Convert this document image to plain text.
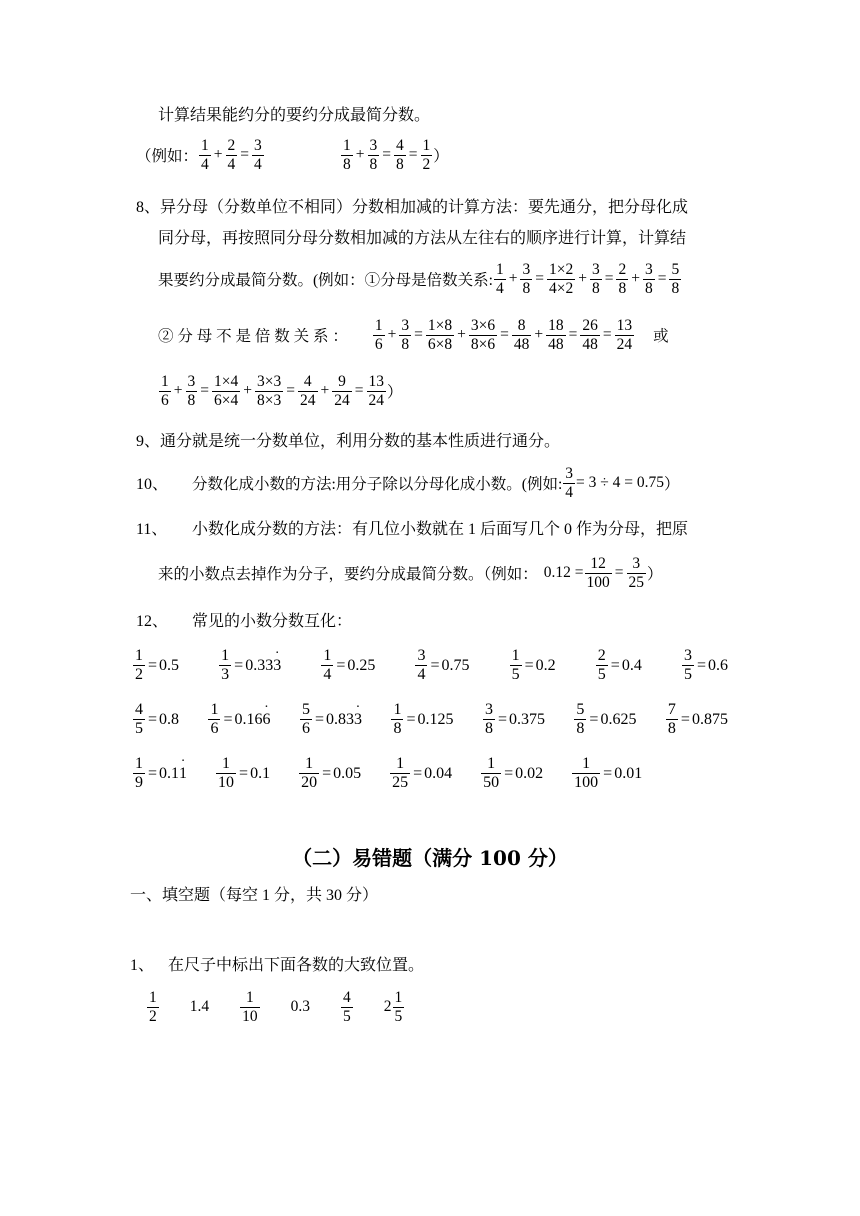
计算结果能约分的要约分成最简分数。
（例如： $\frac{1}{4} + \frac{2}{4} = \frac{3}{4}$	$\frac{1}{8} + \frac{3}{8} = \frac{4}{8} = \frac{1}{2}$ ）
8、异分母（分数单位不相同）分数相加减的计算方法：要先通分，把分母化成
同分母，再按照同分母分数相加减的方法从左往右的顺序进行计算，计算结
果要约分成最简分数。(例如：①分母是倍数关系: $\frac{1}{4} + \frac{3}{8} = \frac{1\times 2}{4\times 2} + \frac{3}{8} = \frac{2}{8} + \frac{3}{8} = \frac{5}{8}$
② 分 母 不 是 倍 数 关 系 ： $\frac{1}{6} + \frac{3}{8} = \frac{1\times 8}{6\times 8} + \frac{3\times 6}{8\times 6} = \frac{8}{48} + \frac{18}{48} = \frac{26}{48} = \frac{13}{24}$ 或
$\frac{1}{6} + \frac{3}{8} = \frac{1\times 4}{6\times 4} + \frac{3\times 3}{8\times 3} = \frac{4}{24} + \frac{9}{24} = \frac{13}{24}$ ）
9、通分就是统一分数单位，利用分数的基本性质进行通分。
10、 分数化成小数的方法:用分子除以分母化成小数。(例如: $\frac{3}{4} = 3 \div 4 = 0.75$ ）
11、 小数化成分数的方法：有几位小数就在 1 后面写几个 0 作为分母，把原
来的小数点去掉作为分子，要约分成最简分数。（例如： $0.12 = \frac{12}{100} = \frac{3}{25}$ ）
12、 常见的小数分数互化：
$\frac{1}{2} = 0.5$	$\frac{1}{3} = 0.33$
· 3	$\frac{1}{4} = 0.25$	$\frac{3}{4} = 0.75$	$\frac{1}{5} = 0.2$	$\frac{2}{5} = 0.4$	$\frac{3}{5} = 0.6$
$\frac{4}{5} = 0.8 \frac{1}{6} = 0.16$
· $6 \frac{5}{6} = 0.83$
· $3 \frac{1}{8} = 0.125 \frac{3}{8} = 0.375 \frac{5}{8} = 0.625 \frac{7}{8} = 0.875$
$\frac{1}{9} = 0.1$
· $1 \frac{1}{10} = 0.1 \frac{1}{20} = 0.05 \frac{1}{25} = 0.04 \frac{1}{50} = 0.02 \frac{1}{100} = 0.01$
（二）易错题（满分 100 分）
一、填空题（每空 1 分，共 30 分）
1、 在尺子中标出下面各数的大致位置。
$\frac{1}{2} 1.4 \frac{1}{10} 0.3 \frac{4}{5} 2 \frac{1}{5}$
